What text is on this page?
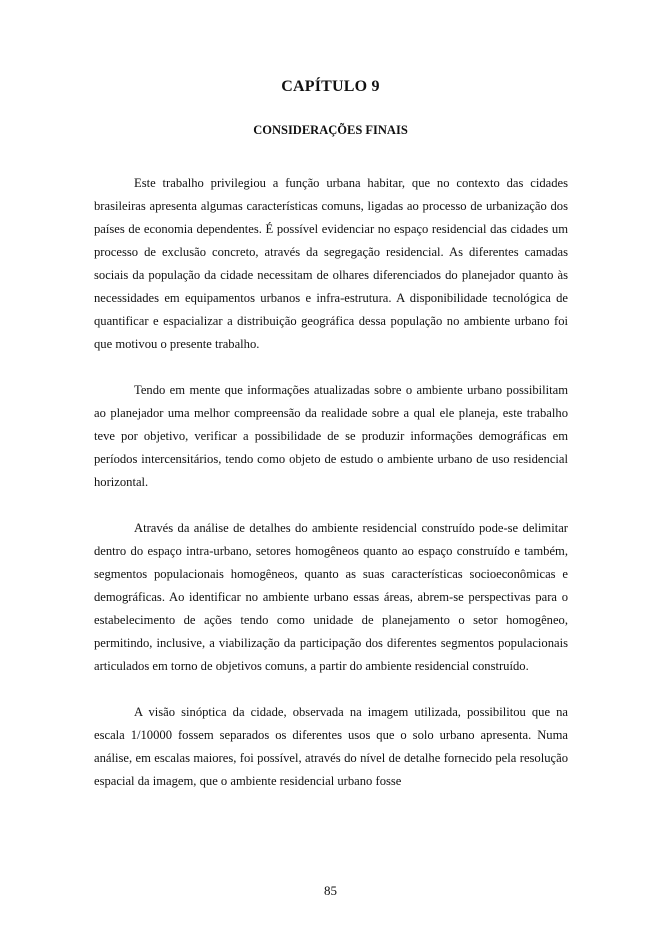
CAPÍTULO 9
CONSIDERAÇÕES FINAIS

Este trabalho privilegiou a função urbana habitar, que no contexto das cidades brasileiras apresenta algumas características comuns, ligadas ao processo de urbanização dos países de economia dependentes. É possível evidenciar no espaço residencial das cidades um processo de exclusão concreto, através da segregação residencial. As diferentes camadas sociais da população da cidade necessitam de olhares diferenciados do planejador quanto às necessidades em equipamentos urbanos e infra-estrutura. A disponibilidade tecnológica de quantificar e espacializar a distribuição geográfica dessa população no ambiente urbano foi que motivou o presente trabalho.

Tendo em mente que informações atualizadas sobre o ambiente urbano possibilitam ao planejador uma melhor compreensão da realidade sobre a qual ele planeja, este trabalho teve por objetivo, verificar a possibilidade de se produzir informações demográficas em períodos intercensitários, tendo como objeto de estudo o ambiente urbano de uso residencial horizontal.

Através da análise de detalhes do ambiente residencial construído pode-se delimitar dentro do espaço intra-urbano, setores homogêneos quanto ao espaço construído e também, segmentos populacionais homogêneos, quanto as suas características socioeconômicas e demográficas. Ao identificar no ambiente urbano essas áreas, abrem-se perspectivas para o estabelecimento de ações tendo como unidade de planejamento o setor homogêneo, permitindo, inclusive, a viabilização da participação dos diferentes segmentos populacionais articulados em torno de objetivos comuns, a partir do ambiente residencial construído.

A visão sinóptica da cidade, observada na imagem utilizada, possibilitou que na escala 1/10000 fossem separados os diferentes usos que o solo urbano apresenta. Numa análise, em escalas maiores, foi possível, através do nível de detalhe fornecido pela resolução espacial da imagem, que o ambiente residencial urbano fosse

85
